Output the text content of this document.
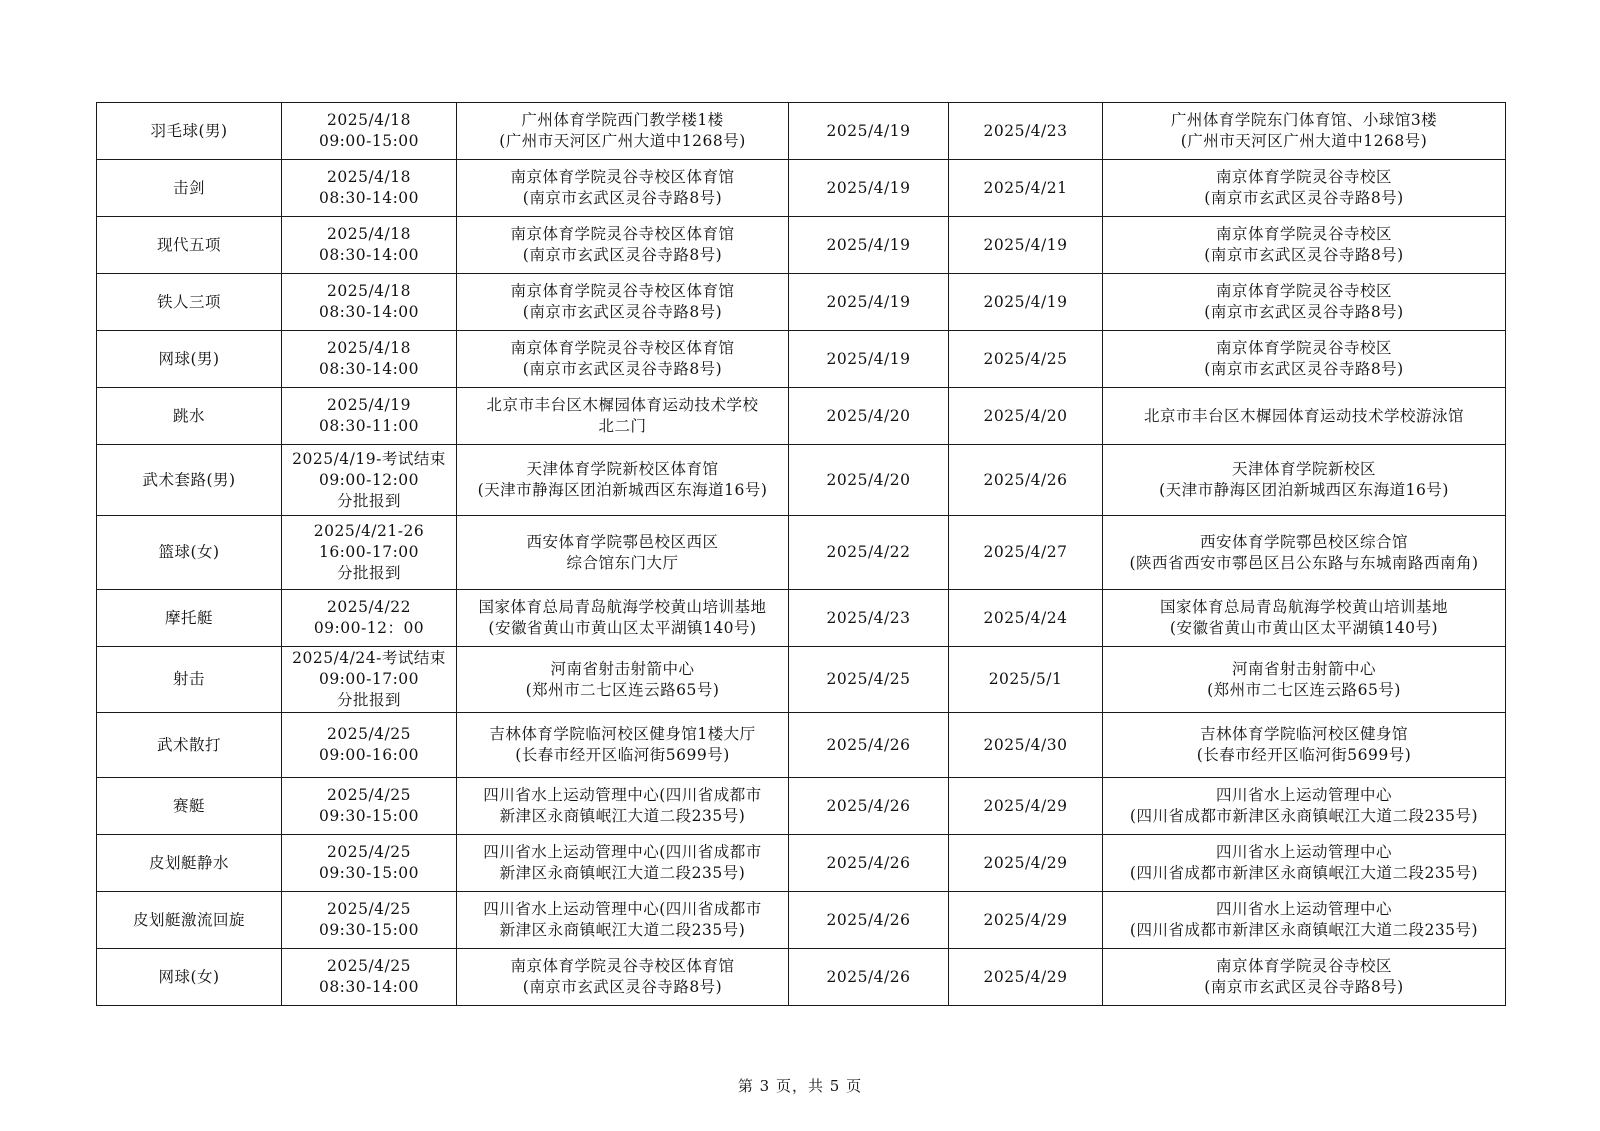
羽毛球(男)	2025/4/18
09:00-15:00	广州体育学院西门教学楼1楼
(广州市天河区广州大道中1268号)	2025/4/19	2025/4/23	广州体育学院东门体育馆、小球馆3楼
(广州市天河区广州大道中1268号)

击剑	2025/4/18
08:30-14:00	南京体育学院灵谷寺校区体育馆
(南京市玄武区灵谷寺路8号)	2025/4/19	2025/4/21	南京体育学院灵谷寺校区
(南京市玄武区灵谷寺路8号)

现代五项	2025/4/18
08:30-14:00	南京体育学院灵谷寺校区体育馆
(南京市玄武区灵谷寺路8号)	2025/4/19	2025/4/19	南京体育学院灵谷寺校区
(南京市玄武区灵谷寺路8号)

铁人三项	2025/4/18
08:30-14:00	南京体育学院灵谷寺校区体育馆
(南京市玄武区灵谷寺路8号)	2025/4/19	2025/4/19	南京体育学院灵谷寺校区
(南京市玄武区灵谷寺路8号)

网球(男)	2025/4/18
08:30-14:00	南京体育学院灵谷寺校区体育馆
(南京市玄武区灵谷寺路8号)	2025/4/19	2025/4/25	南京体育学院灵谷寺校区
(南京市玄武区灵谷寺路8号)

跳水	2025/4/19
08:30-11:00	北京市丰台区木樨园体育运动技术学校
北二门	2025/4/20	2025/4/20	北京市丰台区木樨园体育运动技术学校游泳馆

武术套路(男)	2025/4/19-考试结束
09:00-12:00
分批报到	天津体育学院新校区体育馆
(天津市静海区团泊新城西区东海道16号)	2025/4/20	2025/4/26	天津体育学院新校区
(天津市静海区团泊新城西区东海道16号)

篮球(女)	2025/4/21-26
16:00-17:00
分批报到	西安体育学院鄠邑校区西区
综合馆东门大厅	2025/4/22	2025/4/27	西安体育学院鄠邑校区综合馆
(陕西省西安市鄠邑区吕公东路与东城南路西南角)

摩托艇	2025/4/22
09:00-12：00	国家体育总局青岛航海学校黄山培训基地
(安徽省黄山市黄山区太平湖镇140号)	2025/4/23	2025/4/24	国家体育总局青岛航海学校黄山培训基地
(安徽省黄山市黄山区太平湖镇140号)

射击	2025/4/24-考试结束
09:00-17:00
分批报到	河南省射击射箭中心
(郑州市二七区连云路65号)	2025/4/25	2025/5/1	河南省射击射箭中心
(郑州市二七区连云路65号)

武术散打	2025/4/25
09:00-16:00	吉林体育学院临河校区健身馆1楼大厅
(长春市经开区临河街5699号)	2025/4/26	2025/4/30	吉林体育学院临河校区健身馆
(长春市经开区临河街5699号)

赛艇	2025/4/25
09:30-15:00	四川省水上运动管理中心(四川省成都市
新津区永商镇岷江大道二段235号)	2025/4/26	2025/4/29	四川省水上运动管理中心
(四川省成都市新津区永商镇岷江大道二段235号)

皮划艇静水	2025/4/25
09:30-15:00	四川省水上运动管理中心(四川省成都市
新津区永商镇岷江大道二段235号)	2025/4/26	2025/4/29	四川省水上运动管理中心
(四川省成都市新津区永商镇岷江大道二段235号)

皮划艇激流回旋	2025/4/25
09:30-15:00	四川省水上运动管理中心(四川省成都市
新津区永商镇岷江大道二段235号)	2025/4/26	2025/4/29	四川省水上运动管理中心
(四川省成都市新津区永商镇岷江大道二段235号)

网球(女)	2025/4/25
08:30-14:00	南京体育学院灵谷寺校区体育馆
(南京市玄武区灵谷寺路8号)	2025/4/26	2025/4/29	南京体育学院灵谷寺校区
(南京市玄武区灵谷寺路8号)
第 3 页，共 5 页
